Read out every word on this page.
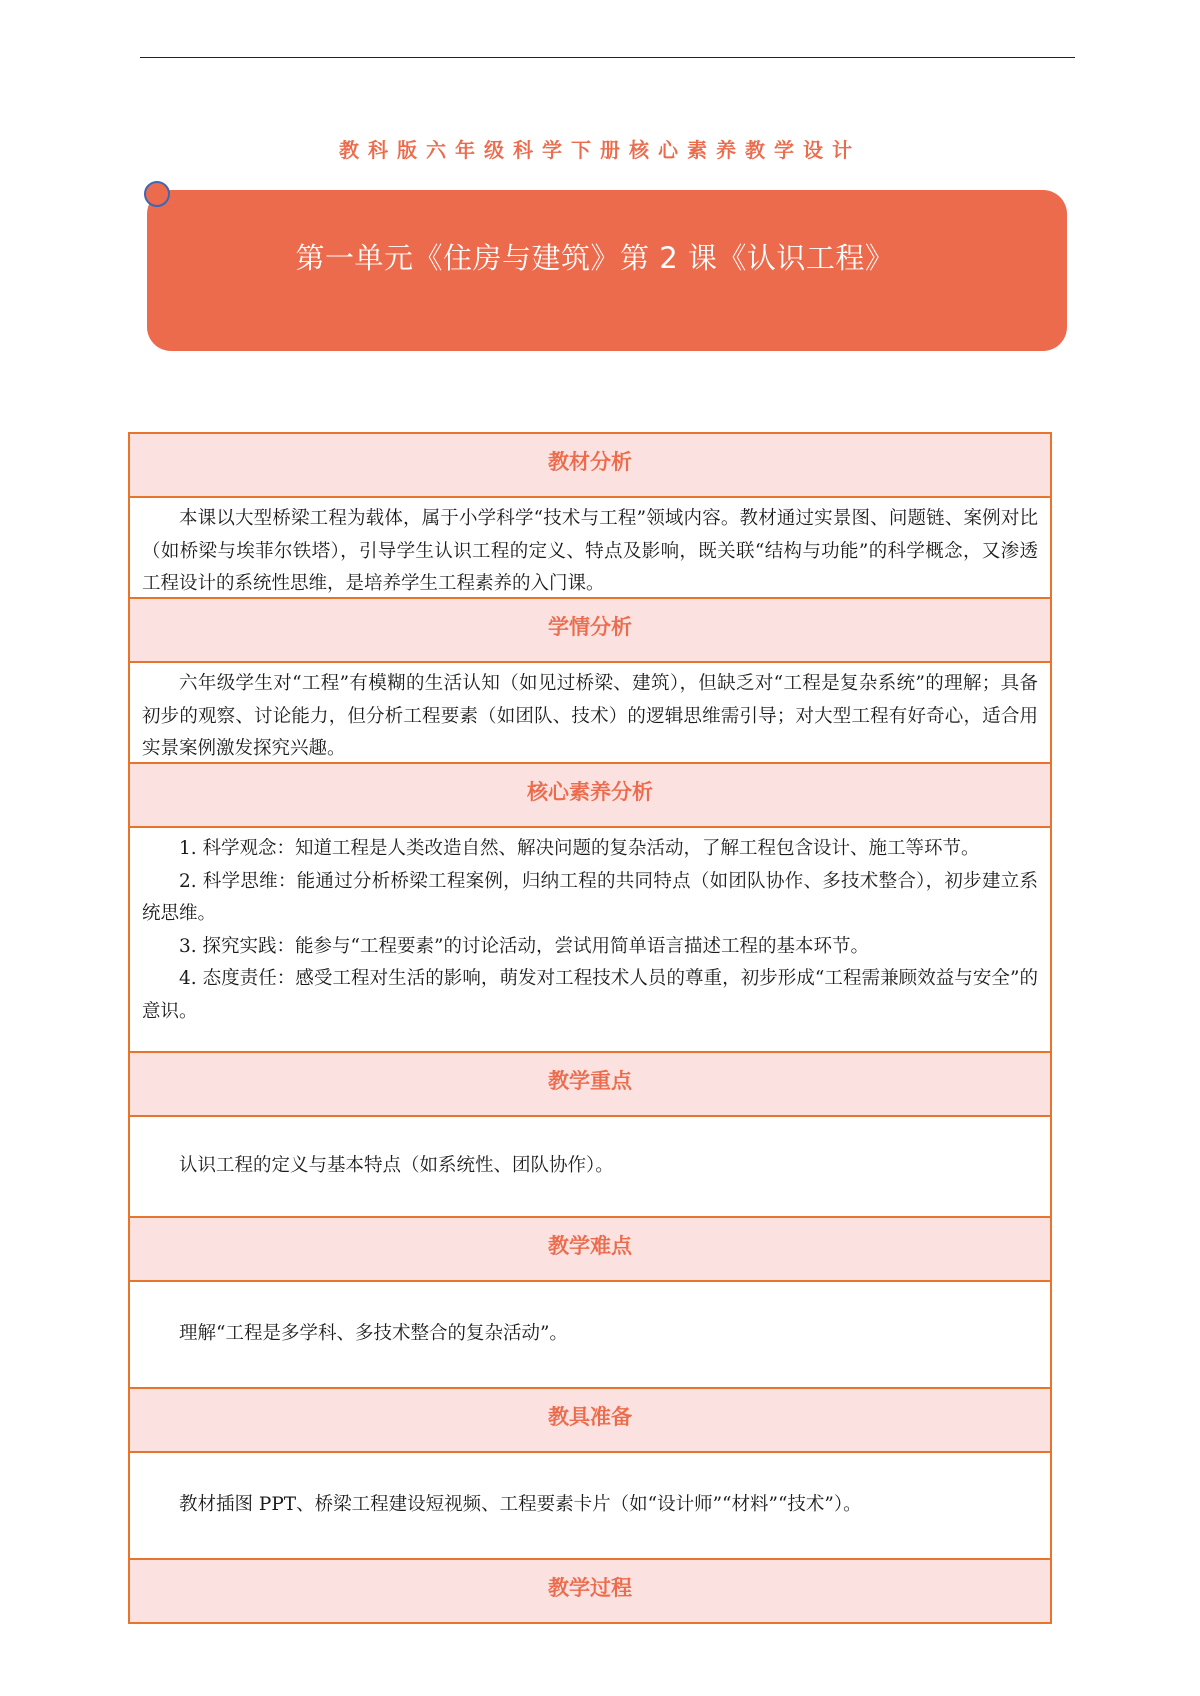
教科版六年级科学下册核心素养教学设计
第一单元《住房与建筑》第 2 课《认识工程》
教材分析

本课以大型桥梁工程为载体，属于小学科学“技术与工程”领域内容。教材通过实景图、问题链、案例对比（如桥梁与埃菲尔铁塔），引导学生认识工程的定义、特点及影响，既关联“结构与功能”的科学概念，又渗透工程设计的系统性思维，是培养学生工程素养的入门课。

学情分析

六年级学生对“工程”有模糊的生活认知（如见过桥梁、建筑），但缺乏对“工程是复杂系统”的理解；具备初步的观察、讨论能力，但分析工程要素（如团队、技术）的逻辑思维需引导；对大型工程有好奇心，适合用实景案例激发探究兴趣。

核心素养分析

1. 科学观念：知道工程是人类改造自然、解决问题的复杂活动，了解工程包含设计、施工等环节。

2. 科学思维：能通过分析桥梁工程案例，归纳工程的共同特点（如团队协作、多技术整合），初步建立系统思维。

3. 探究实践：能参与“工程要素”的讨论活动，尝试用简单语言描述工程的基本环节。

4. 态度责任：感受工程对生活的影响，萌发对工程技术人员的尊重，初步形成“工程需兼顾效益与安全”的意识。

教学重点

认识工程的定义与基本特点（如系统性、团队协作）。

教学难点

理解“工程是多学科、多技术整合的复杂活动”。

教具准备

教材插图 PPT、桥梁工程建设短视频、工程要素卡片（如“设计师”“材料”“技术”）。

教学过程
